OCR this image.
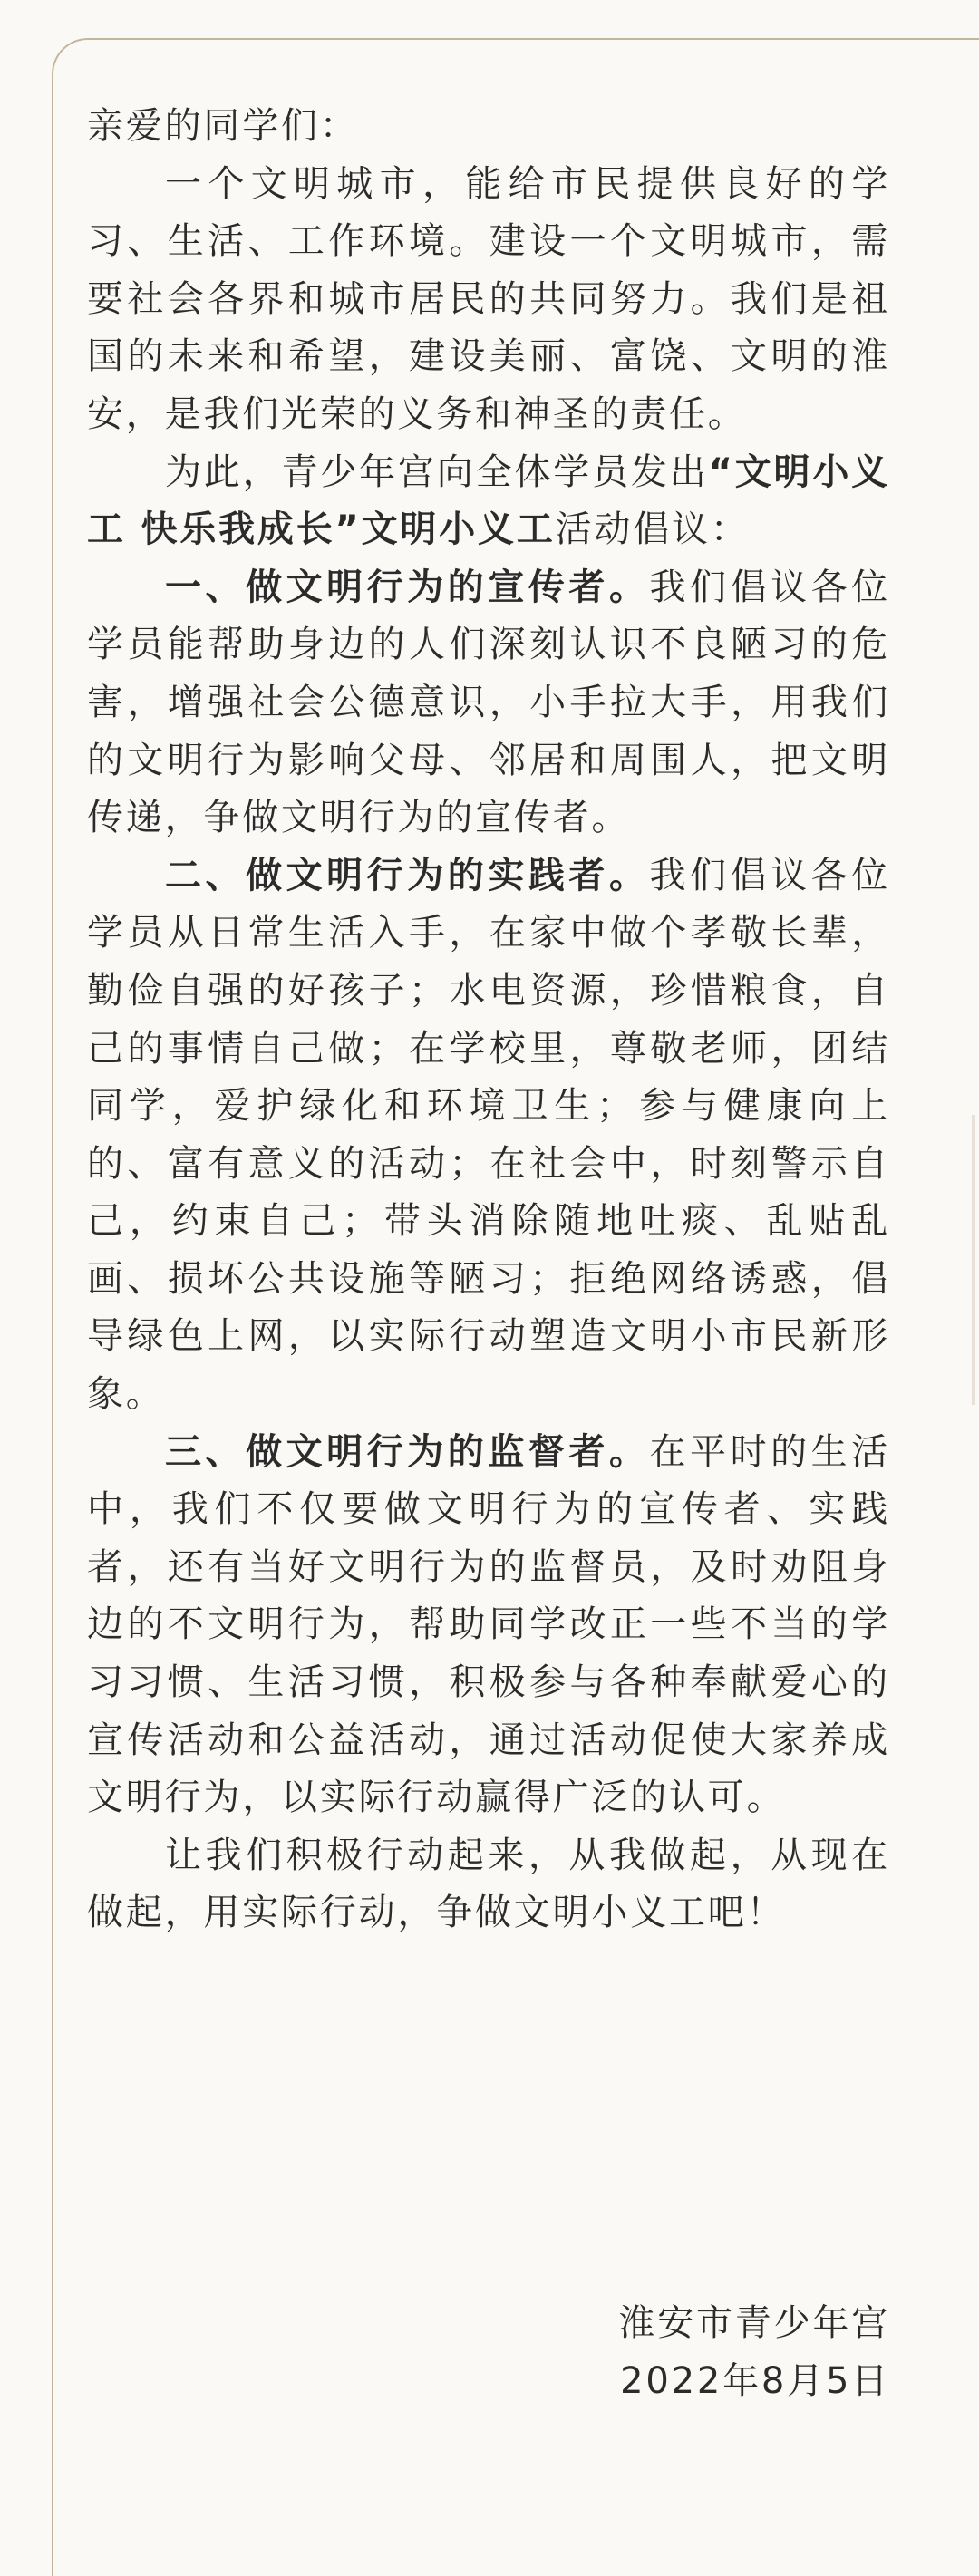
亲爱的同学们：

一个文明城市，能给市民提供良好的学习、生活、工作环境。建设一个文明城市，需要社会各界和城市居民的共同努力。我们是祖国的未来和希望，建设美丽、富饶、文明的淮安，是我们光荣的义务和神圣的责任。

为此，青少年宫向全体学员发出“文明小义工 快乐我成长”文明小义工活动倡议：

一、做文明行为的宣传者。我们倡议各位学员能帮助身边的人们深刻认识不良陋习的危害，增强社会公德意识，小手拉大手，用我们的文明行为影响父母、邻居和周围人，把文明传递，争做文明行为的宣传者。

二、做文明行为的实践者。我们倡议各位学员从日常生活入手，在家中做个孝敬长辈，勤俭自强的好孩子；水电资源，珍惜粮食，自己的事情自己做；在学校里，尊敬老师，团结同学，爱护绿化和环境卫生；参与健康向上的、富有意义的活动；在社会中，时刻警示自己，约束自己；带头消除随地吐痰、乱贴乱画、损坏公共设施等陋习；拒绝网络诱惑，倡导绿色上网，以实际行动塑造文明小市民新形象。

三、做文明行为的监督者。在平时的生活中，我们不仅要做文明行为的宣传者、实践者，还有当好文明行为的监督员，及时劝阻身边的不文明行为，帮助同学改正一些不当的学习习惯、生活习惯，积极参与各种奉献爱心的宣传活动和公益活动，通过活动促使大家养成文明行为，以实际行动赢得广泛的认可。

让我们积极行动起来，从我做起，从现在做起，用实际行动，争做文明小义工吧！

淮安市青少年宫
2022年8月5日
